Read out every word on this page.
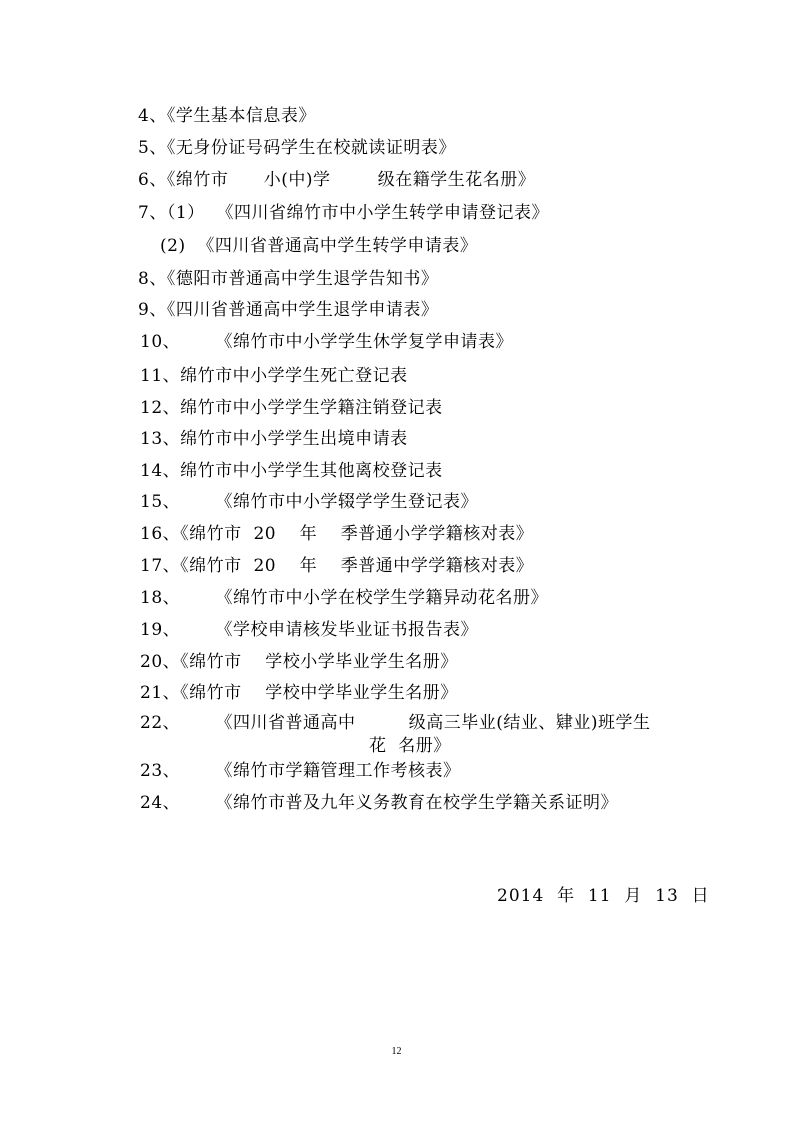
4、《学生基本信息表》
5、《无身份证号码学生在校就读证明表》
6、《绵竹市      小(中)学        级在籍学生花名册》
7、（1）  《四川省绵竹市中小学生转学申请登记表》
(2)  《四川省普通高中学生转学申请表》
8、《德阳市普通高中学生退学告知书》
9、《四川省普通高中学生退学申请表》
10、      《绵竹市中小学学生休学复学申请表》
11、绵竹市中小学学生死亡登记表
12、绵竹市中小学学生学籍注销登记表
13、绵竹市中小学学生出境申请表
14、绵竹市中小学学生其他离校登记表
15、      《绵竹市中小学辍学学生登记表》
16、《绵竹市  20    年    季普通小学学籍核对表》
17、《绵竹市  20    年    季普通中学学籍核对表》
18、      《绵竹市中小学在校学生学籍异动花名册》
19、      《学校申请核发毕业证书报告表》
20、《绵竹市    学校小学毕业学生名册》
21、《绵竹市    学校中学毕业学生名册》
22、      《四川省普通高中         级高三毕业(结业、肄业)班学生
花  名册》
23、      《绵竹市学籍管理工作考核表》
24、      《绵竹市普及九年义务教育在校学生学籍关系证明》
2014  年  11  月  13  日
12
